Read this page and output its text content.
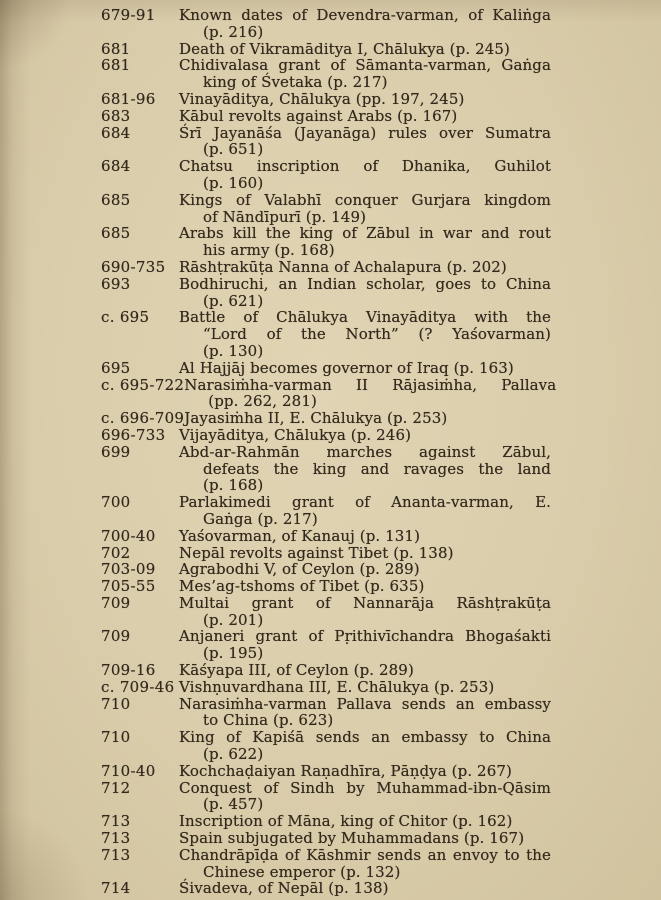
679-91	Known dates of Devendra-varman, of Kaliṅga
(p. 216)
681	Death of Vikramāditya I, Chālukya (p. 245)
681	Chidivalasa grant of Sāmanta-varman, Gaṅga
king of Śvetaka (p. 217)
681-96	Vinayāditya, Chālukya (pp. 197, 245)
683	Kābul revolts against Arabs (p. 167)
684	Śrī Jayanāśa (Jayanāga) rules over Sumatra
(p. 651)
684	Chatsu inscription of Dhanika, Guhilot
(p. 160)
685	Kings of Valabhī conquer Gurjara kingdom
of Nāndīpurī (p. 149)
685	Arabs kill the king of Zābul in war and rout
his army (p. 168)
690-735 Rāshṭrakūṭa Nanna of Achalapura (p. 202)
693	Bodhiruchi, an Indian scholar, goes to China
(p. 621)
c. 695	Battle of Chālukya Vinayāditya with the
“Lord of the North” (? Yaśovarman)
(p. 130)
695	Al Hajjāj becomes governor of Iraq (p. 163)
c. 695-722 Narasiṁha-varman II Rājasiṁha, Pallava
(pp. 262, 281)
c. 696-709 Jayasiṁha II, E. Chālukya (p. 253)
696-733 Vijayāditya, Chālukya (p. 246)
699	Abd-ar-Rahmān marches against Zābul,
defeats the king and ravages the land
(p. 168)
700	Parlakimedi grant of Ananta-varman, E.
Gaṅga (p. 217)
700-40	Yaśovarman, of Kanauj (p. 131)
702	Nepāl revolts against Tibet (p. 138)
703-09	Agrabodhi V, of Ceylon (p. 289)
705-55	Mes’ag-tshoms of Tibet (p. 635)
709	Multai grant of Nannarāja Rāshṭrakūṭa
(p. 201)
709	Anjaneri grant of Pṛithivīchandra Bhogaśakti
(p. 195)
709-16	Kāśyapa III, of Ceylon (p. 289)
c. 709-46 Vishṇuvardhana III, E. Chālukya (p. 253)
710	Narasiṁha-varman Pallava sends an embassy
to China (p. 623)
710	King of Kapiśā sends an embassy to China
(p. 622)
710-40	Kochchaḍaiyan Raṇadhīra, Pāṇḍya (p. 267)
712	Conquest of Sindh by Muhammad-ibn-Qāsim
(p. 457)
713	Inscription of Māna, king of Chitor (p. 162)
713	Spain subjugated by Muhammadans (p. 167)
713	Chandrāpīḍa of Kāshmir sends an envoy to the
Chinese emperor (p. 132)
714	Śivadeva, of Nepāl (p. 138)
